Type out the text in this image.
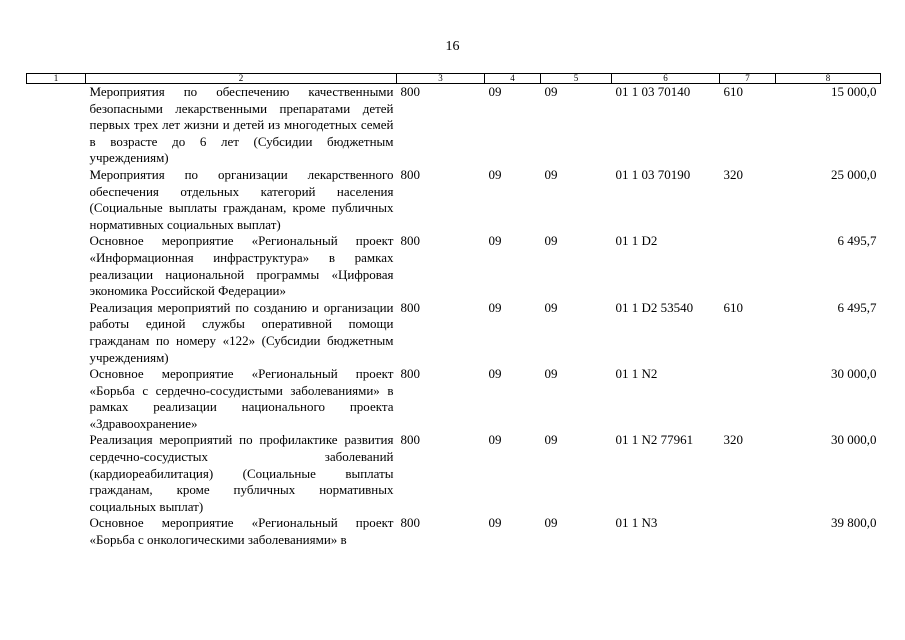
16
1	2	3	4	5	6	7	8
	Мероприятия по обеспечению качественными безопасными лекарственными препаратами детей первых трех лет жизни и детей из многодетных семей в возрасте до 6 лет (Субсидии бюджетным учреждениям)	800	09	09	01 1 03 70140	610	15 000,0
	Мероприятия по организации лекарственного обеспечения отдельных категорий населения (Социальные выплаты гражданам, кроме публичных нормативных социальных выплат)	800	09	09	01 1 03 70190	320	25 000,0
	Основное мероприятие «Региональный проект «Информационная инфраструктура» в рамках реализации национальной программы «Цифровая экономика Российской Федерации»	800	09	09	01 1 D2		6 495,7
	Реализация мероприятий по созданию и организации работы единой службы оперативной помощи гражданам по номеру «122» (Субсидии бюджетным учреждениям)	800	09	09	01 1 D2 53540	610	6 495,7
	Основное мероприятие «Региональный проект «Борьба с сердечно-сосудистыми заболеваниями» в рамках реализации национального проекта «Здравоохранение»	800	09	09	01 1 N2		30 000,0
	Реализация мероприятий по профилактике развития сердечно-сосудистых заболеваний (кардиореабилитация) (Социальные выплаты гражданам, кроме публичных нормативных социальных выплат)	800	09	09	01 1 N2 77961	320	30 000,0
	Основное мероприятие «Региональный проект «Борьба с онкологическими заболеваниями» в	800	09	09	01 1 N3		39 800,0
